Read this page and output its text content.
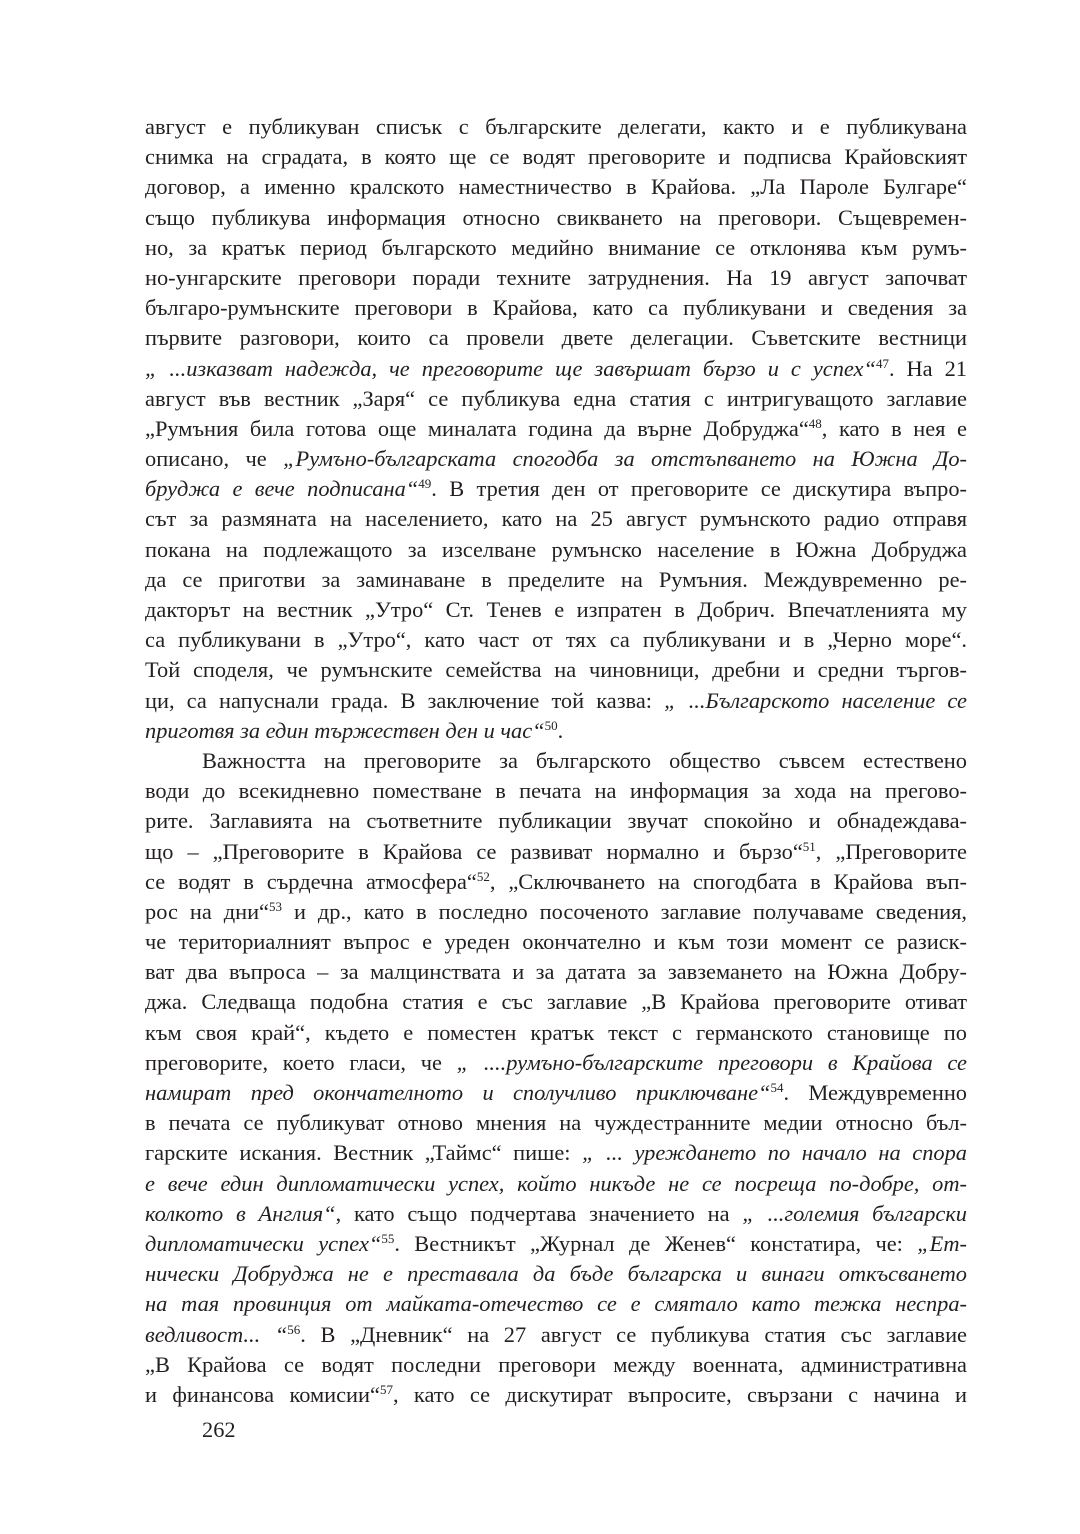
август е публикуван списък с българските делегати, както и е публикувана
снимка на сградата, в която ще се водят преговорите и подписва Крайовският
договор, а именно кралското наместничество в Крайова. „Ла Пароле Булгаре“
също публикува информация относно свикването на преговори. Същевремен-
но, за кратък период българското медийно внимание се отклонява към румъ-
но-унгарските преговори поради техните затруднения. На 19 август започват
българо-румънските преговори в Крайова, като са публикувани и сведения за
първите разговори, които са провели двете делегации. Съветските вестници
„ ...изказват надежда, че преговорите ще завършат бързо и с успех“$^{47}$. На 21
август във вестник „Заря“ се публикува една статия с интригуващото заглавие
„Румъния била готова още миналата година да върне Добруджа“$^{48}$, като в нея е
описано, че „Румъно-българската спогодба за отстъпването на Южна До-
бруджа е вече подписана“$^{49}$. В третия ден от преговорите се дискутира въпро-
сът за размяната на населението, като на 25 август румънското радио отправя
покана на подлежащото за изселване румънско население в Южна Добруджа
да се приготви за заминаване в пределите на Румъния. Междувременно ре-
дакторът на вестник „Утро“ Ст. Тенев е изпратен в Добрич. Впечатленията му
са публикувани в „Утро“, като част от тях са публикувани и в „Черно море“.
Той споделя, че румънските семейства на чиновници, дребни и средни търгов-
ци, са напуснали града. В заключение той казва: „ ...Българското население се
приготвя за един тържествен ден и час“$^{50}$.
Важността на преговорите за българското общество съвсем естествено
води до всекидневно поместване в печата на информация за хода на прегово-
рите. Заглавията на съответните публикации звучат спокойно и обнадеждава-
що – „Преговорите в Крайова се развиват нормално и бързо“$^{51}$, „Преговорите
се водят в сърдечна атмосфера“$^{52}$, „Сключването на спогодбата в Крайова въп-
рос на дни“$^{53}$ и др., като в последно посоченото заглавие получаваме сведения,
че териториалният въпрос е уреден окончателно и към този момент се разиск-
ват два въпроса – за малцинствата и за датата за завземането на Южна Добру-
джа. Следваща подобна статия е със заглавие „В Крайова преговорите отиват
към своя край“, където е поместен кратък текст с германското становище по
преговорите, което гласи, че „ ....румъно-българските преговори в Крайова се
намират пред окончателното и сполучливо приключване“$^{54}$. Междувременно
в печата се публикуват отново мнения на чуждестранните медии относно бъл-
гарските искания. Вестник „Таймс“ пише: „ ... уреждането по начало на спора
е вече един дипломатически успех, който никъде не се посреща по-добре, от-
колкото в Англия“, като също подчертава значението на „ ...големия български
дипломатически успех“$^{55}$. Вестникът „Журнал де Женев“ констатира, че: „Ет-
нически Добруджа не е преставала да бъде българска и винаги откъсването
на тая провинция от майката-отечество се е смятало като тежка неспра-
ведливост... “$^{56}$. В „Дневник“ на 27 август се публикува статия със заглавие
„В Крайова се водят последни преговори между военната, административна
и финансова комисии“$^{57}$, като се дискутират въпросите, свързани с начина и
262
